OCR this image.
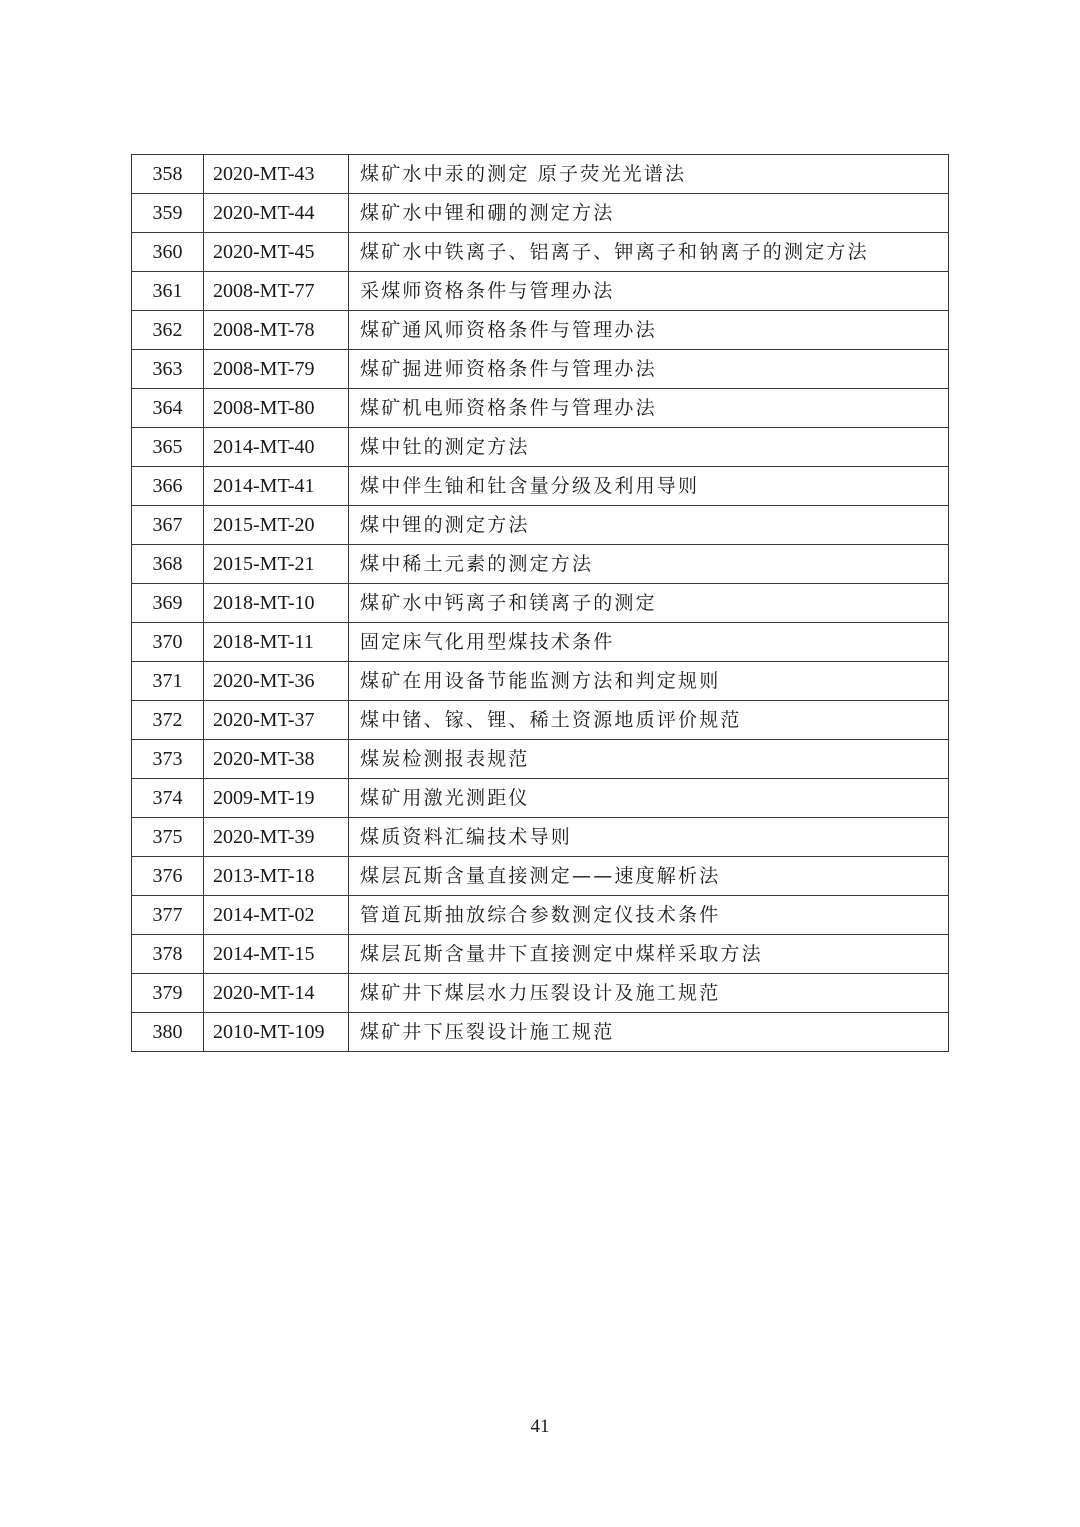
358	2020-MT-43	煤矿水中汞的测定 原子荧光光谱法
359	2020-MT-44	煤矿水中锂和硼的测定方法
360	2020-MT-45	煤矿水中铁离子、铝离子、钾离子和钠离子的测定方法
361	2008-MT-77	采煤师资格条件与管理办法
362	2008-MT-78	煤矿通风师资格条件与管理办法
363	2008-MT-79	煤矿掘进师资格条件与管理办法
364	2008-MT-80	煤矿机电师资格条件与管理办法
365	2014-MT-40	煤中钍的测定方法
366	2014-MT-41	煤中伴生铀和钍含量分级及利用导则
367	2015-MT-20	煤中锂的测定方法
368	2015-MT-21	煤中稀土元素的测定方法
369	2018-MT-10	煤矿水中钙离子和镁离子的测定
370	2018-MT-11	固定床气化用型煤技术条件
371	2020-MT-36	煤矿在用设备节能监测方法和判定规则
372	2020-MT-37	煤中锗、镓、锂、稀土资源地质评价规范
373	2020-MT-38	煤炭检测报表规范
374	2009-MT-19	煤矿用激光测距仪
375	2020-MT-39	煤质资料汇编技术导则
376	2013-MT-18	煤层瓦斯含量直接测定——速度解析法
377	2014-MT-02	管道瓦斯抽放综合参数测定仪技术条件
378	2014-MT-15	煤层瓦斯含量井下直接测定中煤样采取方法
379	2020-MT-14	煤矿井下煤层水力压裂设计及施工规范
380	2010-MT-109	煤矿井下压裂设计施工规范
41
